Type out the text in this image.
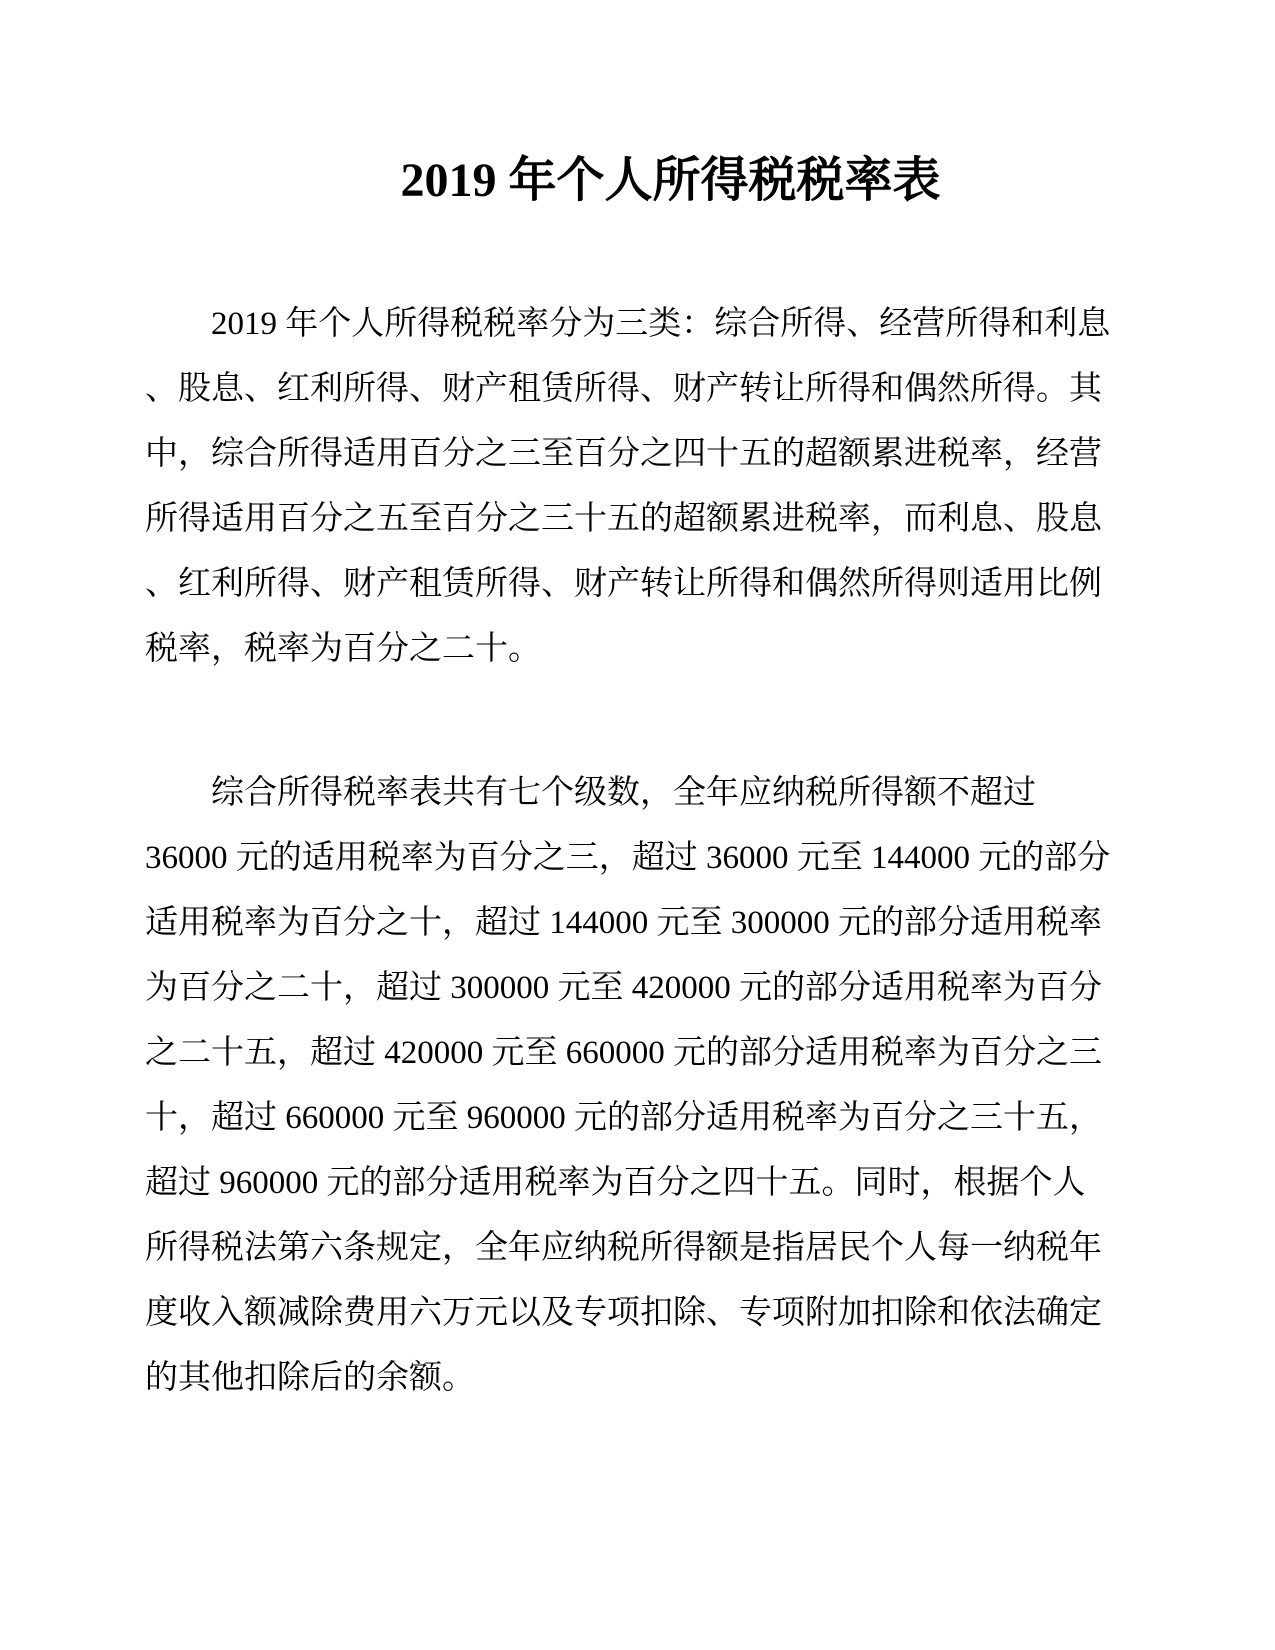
2019 年个人所得税税率表
2019 年个人所得税税率分为三类：综合所得、经营所得和利息
、股息、红利所得、财产租赁所得、财产转让所得和偶然所得。其
中，综合所得适用百分之三至百分之四十五的超额累进税率，经营
所得适用百分之五至百分之三十五的超额累进税率，而利息、股息
、红利所得、财产租赁所得、财产转让所得和偶然所得则适用比例
税率，税率为百分之二十。
综合所得税率表共有七个级数，全年应纳税所得额不超过
36000 元的适用税率为百分之三，超过 36000 元至 144000 元的部分
适用税率为百分之十，超过 144000 元至 300000 元的部分适用税率
为百分之二十，超过 300000 元至 420000 元的部分适用税率为百分
之二十五，超过 420000 元至 660000 元的部分适用税率为百分之三
十，超过 660000 元至 960000 元的部分适用税率为百分之三十五，
超过 960000 元的部分适用税率为百分之四十五。同时，根据个人
所得税法第六条规定，全年应纳税所得额是指居民个人每一纳税年
度收入额减除费用六万元以及专项扣除、专项附加扣除和依法确定
的其他扣除后的余额。
